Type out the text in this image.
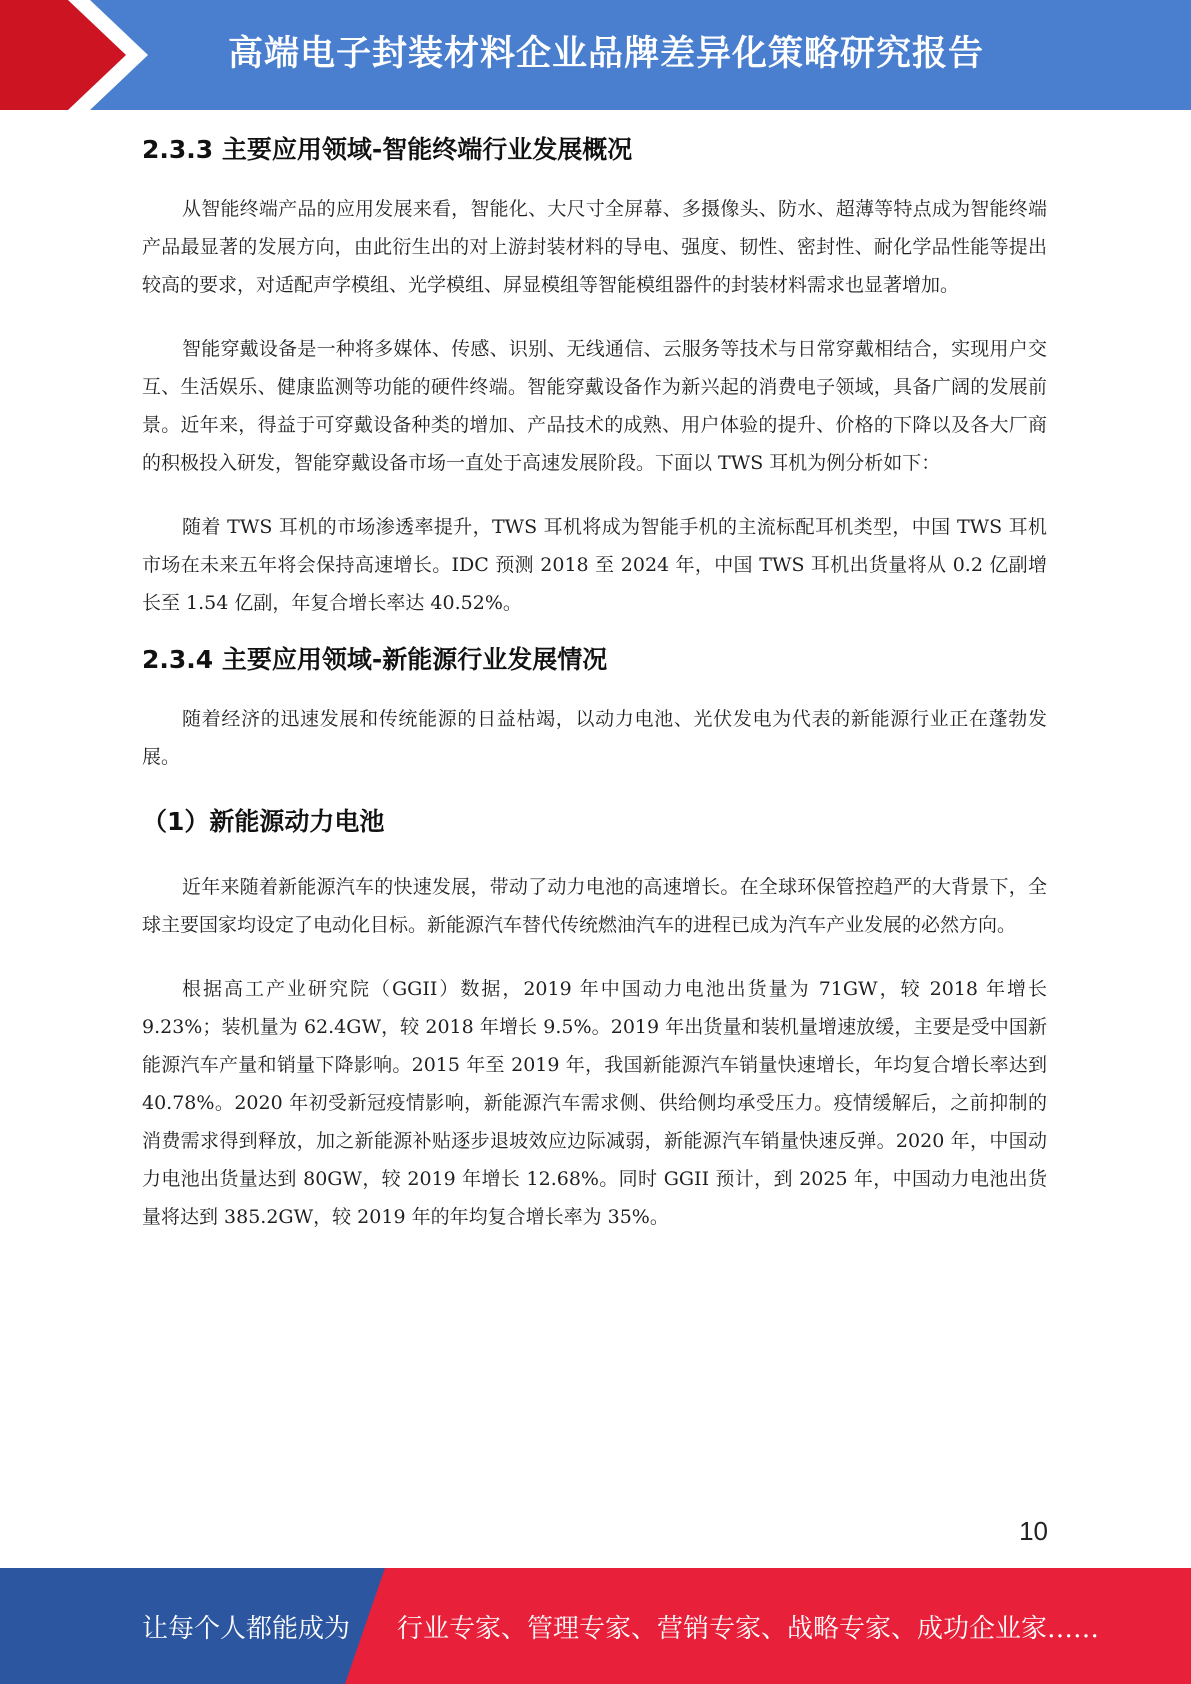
高端电子封装材料企业品牌差异化策略研究报告
2.3.3 主要应用领域-智能终端行业发展概况

从智能终端产品的应用发展来看，智能化、大尺寸全屏幕、多摄像头、防水、超薄等特点成为智能终端产品最显著的发展方向，由此衍生出的对上游封装材料的导电、强度、韧性、密封性、耐化学品性能等提出较高的要求，对适配声学模组、光学模组、屏显模组等智能模组器件的封装材料需求也显著增加。

智能穿戴设备是一种将多媒体、传感、识别、无线通信、云服务等技术与日常穿戴相结合，实现用户交互、生活娱乐、健康监测等功能的硬件终端。智能穿戴设备作为新兴起的消费电子领域，具备广阔的发展前景。近年来，得益于可穿戴设备种类的增加、产品技术的成熟、用户体验的提升、价格的下降以及各大厂商的积极投入研发，智能穿戴设备市场一直处于高速发展阶段。下面以 TWS 耳机为例分析如下：

随着 TWS 耳机的市场渗透率提升，TWS 耳机将成为智能手机的主流标配耳机类型，中国 TWS 耳机市场在未来五年将会保持高速增长。IDC 预测 2018 至 2024 年，中国 TWS 耳机出货量将从 0.2 亿副增长至 1.54 亿副，年复合增长率达 40.52%。

2.3.4 主要应用领域-新能源行业发展情况

随着经济的迅速发展和传统能源的日益枯竭，以动力电池、光伏发电为代表的新能源行业正在蓬勃发展。

（1）新能源动力电池

近年来随着新能源汽车的快速发展，带动了动力电池的高速增长。在全球环保管控趋严的大背景下，全球主要国家均设定了电动化目标。新能源汽车替代传统燃油汽车的进程已成为汽车产业发展的必然方向。

根据高工产业研究院（GGII）数据，2019 年中国动力电池出货量为 71GW，较 2018 年增长 9.23%；装机量为 62.4GW，较 2018 年增长 9.5%。2019 年出货量和装机量增速放缓，主要是受中国新能源汽车产量和销量下降影响。2015 年至 2019 年，我国新能源汽车销量快速增长，年均复合增长率达到 40.78%。2020 年初受新冠疫情影响，新能源汽车需求侧、供给侧均承受压力。疫情缓解后，之前抑制的消费需求得到释放，加之新能源补贴逐步退坡效应边际减弱，新能源汽车销量快速反弹。2020 年，中国动力电池出货量达到 80GW，较 2019 年增长 12.68%。同时 GGII 预计，到 2025 年，中国动力电池出货量将达到 385.2GW，较 2019 年的年均复合增长率为 35%。

10
让每个人都能成为 行业专家、管理专家、营销专家、战略专家、成功企业家……
